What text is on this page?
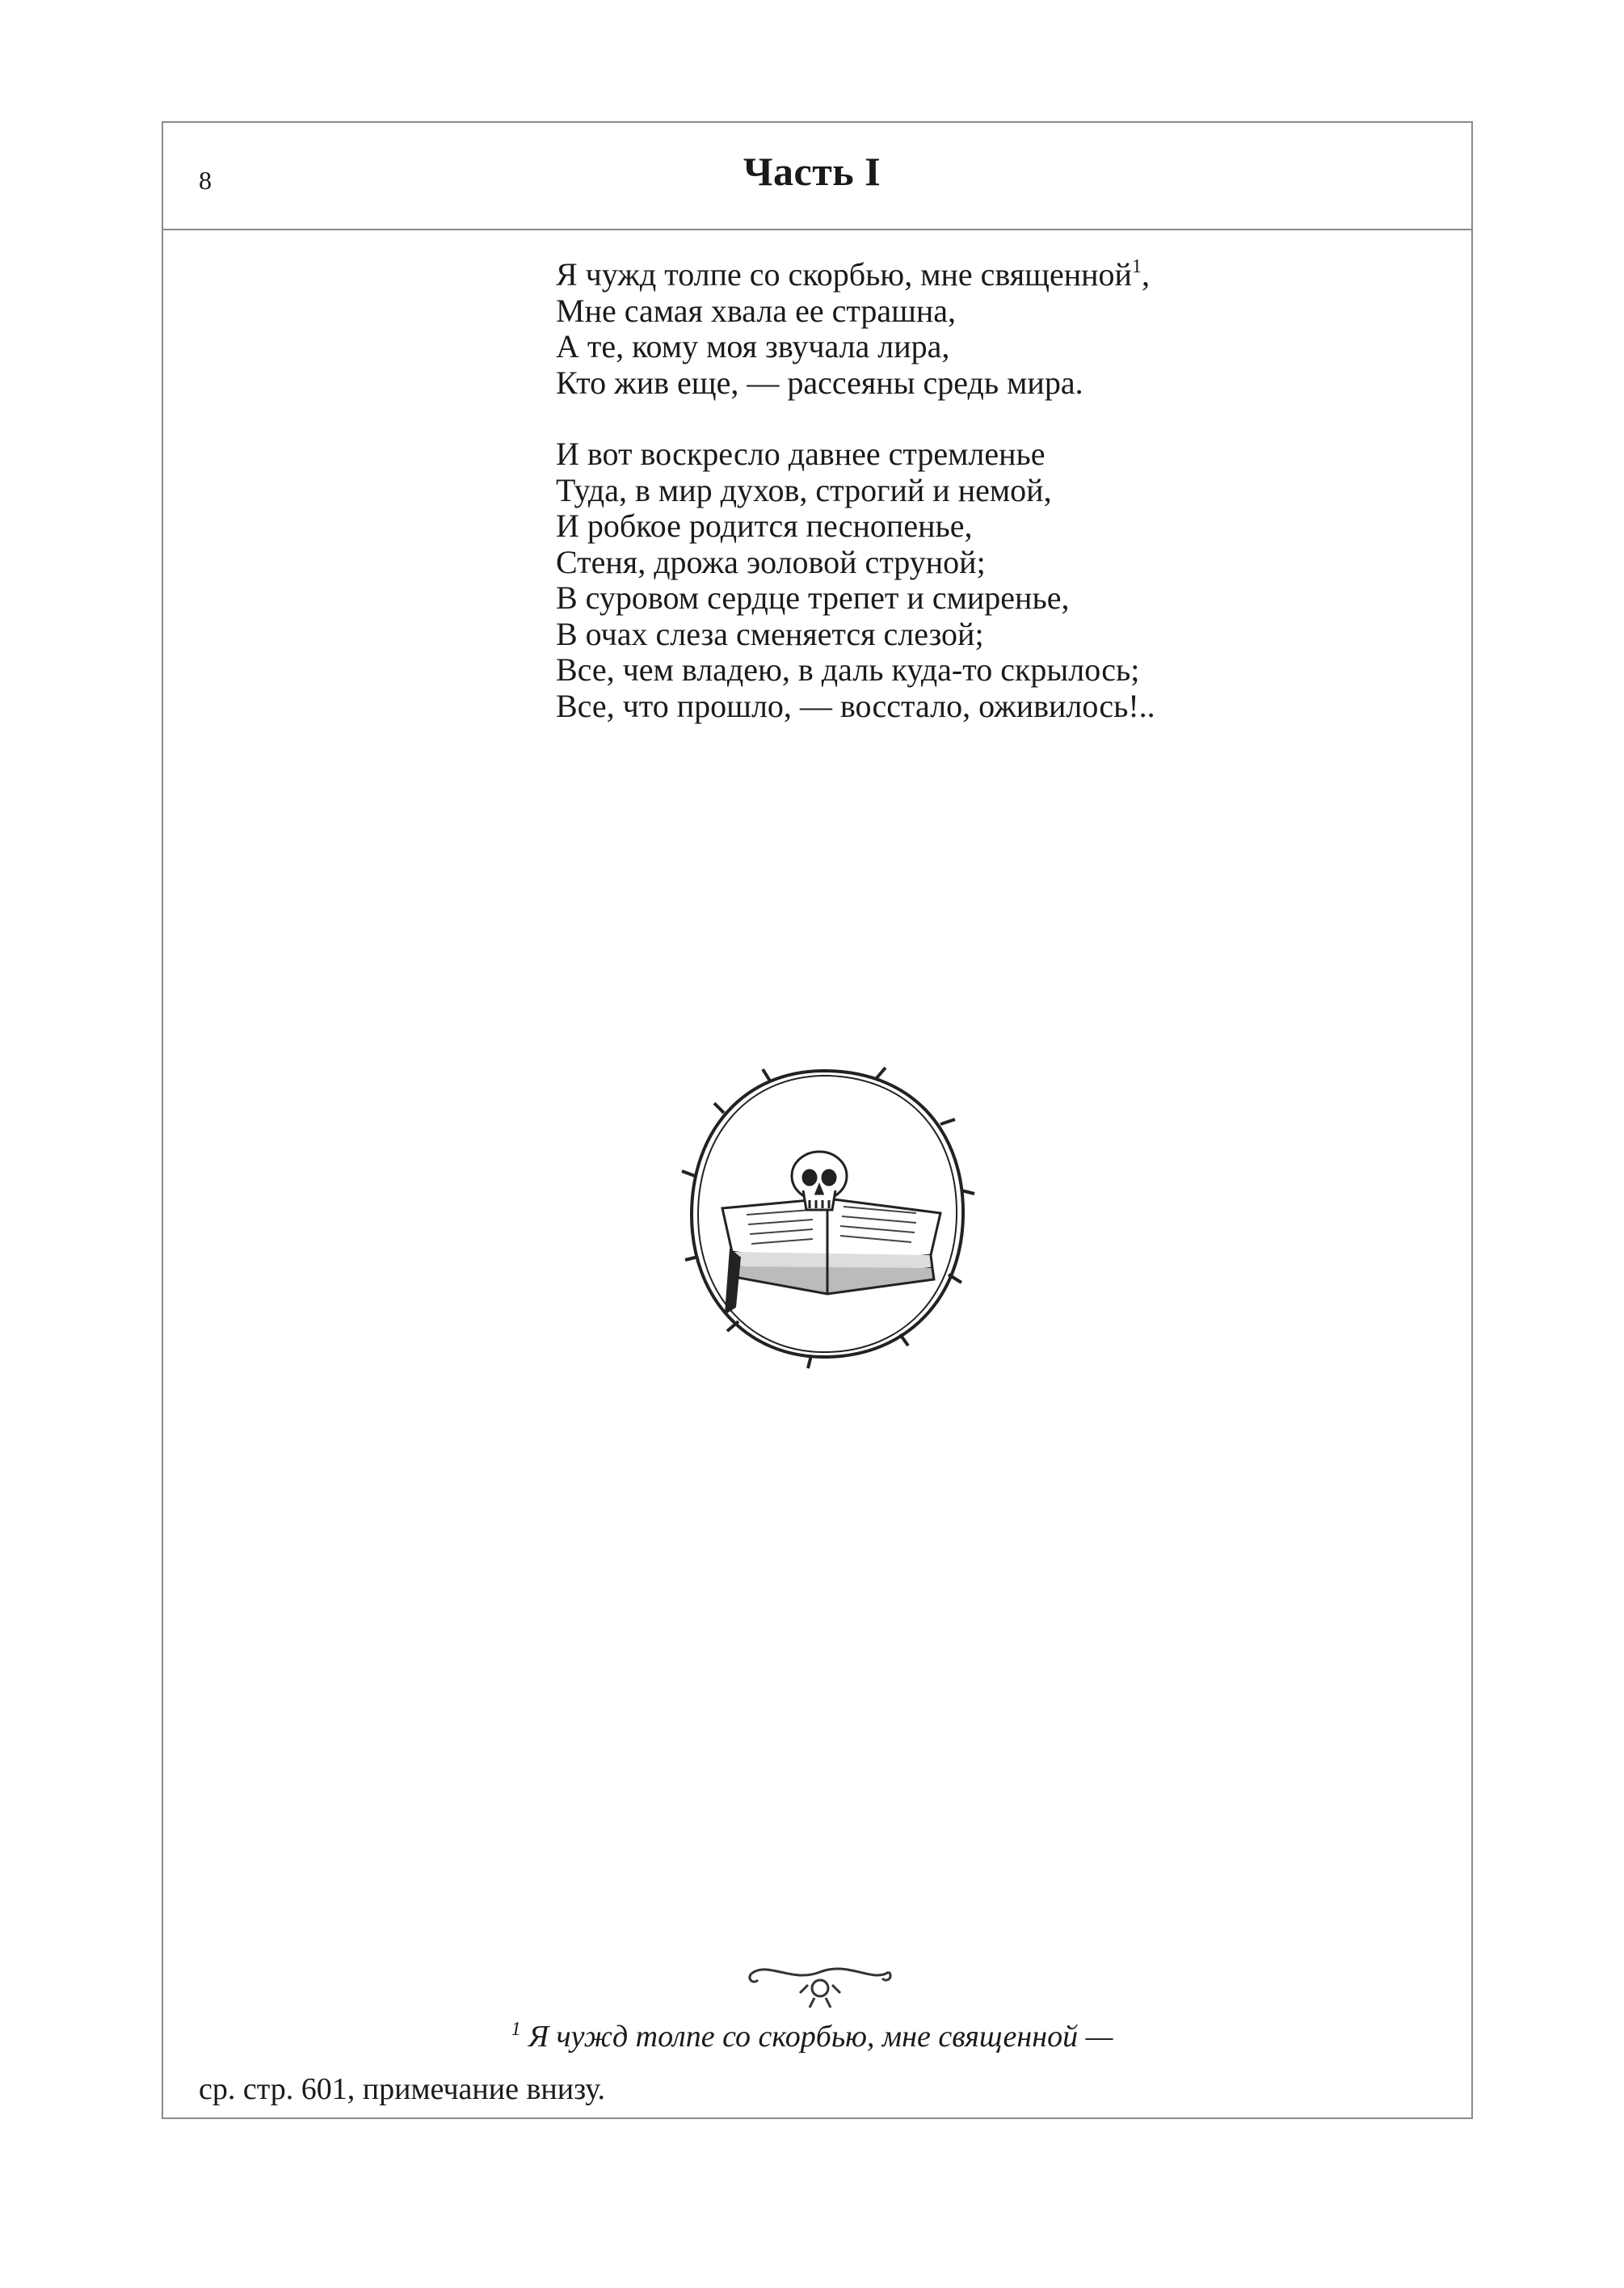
8	Часть I
Я чужд толпе со скорбью, мне священной$^1$,
Мне самая хвала ее страшна,
А те, кому моя звучала лира,
Кто жив еще, — рассеяны средь мира.
И вот воскресло давнее стремленье
Туда, в мир духов, строгий и немой,
И робкое родится песнопенье,
Стеня, дрожа эоловой струной;
В суровом сердце трепет и смиренье,
В очах слеза сменяется слезой;
Все, чем владею, в даль куда-то скрылось;
Все, что прошло, — восстало, оживилось!..
$^1$ Я чужд толпе со скорбью, мне священной —
ср. стр. 601, примечание внизу.
